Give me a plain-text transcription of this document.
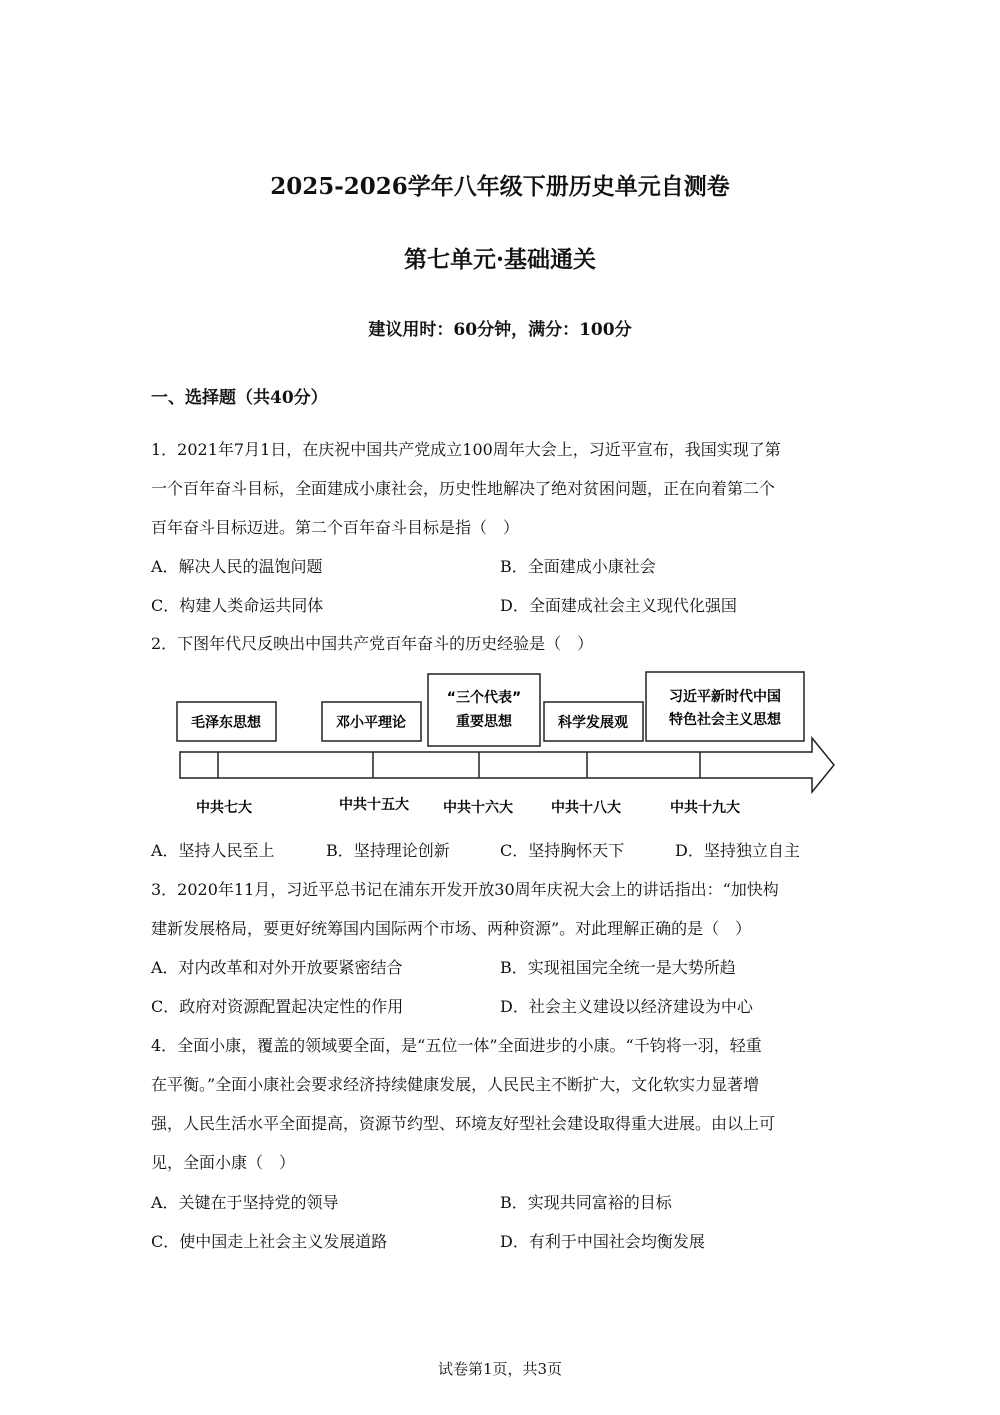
2025-2026学年八年级下册历史单元自测卷
第七单元·基础通关
建议用时：60分钟，满分：100分
一、选择题（共40分）
1．2021年7月1日，在庆祝中国共产党成立100周年大会上，习近平宣布，我国实现了第
一个百年奋斗目标，全面建成小康社会，历史性地解决了绝对贫困问题，正在向着第二个
百年奋斗目标迈进。第二个百年奋斗目标是指（　）
A．解决人民的温饱问题	B．全面建成小康社会
C．构建人类命运共同体	D．全面建成社会主义现代化强国
2．下图年代尺反映出中国共产党百年奋斗的历史经验是（　）
毛泽东思想	邓小平理论
“三个代表”
重要思想	科学发展观
习近平新时代中国
特色社会主义思想
中共七大	中共十五大 中共十六大	中共十八大	中共十九大
A．坚持人民至上	B．坚持理论创新	C．坚持胸怀天下	D．坚持独立自主
3．2020年11月，习近平总书记在浦东开发开放30周年庆祝大会上的讲话指出：“加快构
建新发展格局，要更好统筹国内国际两个市场、两种资源”。对此理解正确的是（　）
A．对内改革和对外开放要紧密结合	B．实现祖国完全统一是大势所趋
C．政府对资源配置起决定性的作用	D．社会主义建设以经济建设为中心
4．全面小康，覆盖的领域要全面，是“五位一体”全面进步的小康。“千钧将一羽，轻重
在平衡。”全面小康社会要求经济持续健康发展，人民民主不断扩大，文化软实力显著增
强，人民生活水平全面提高，资源节约型、环境友好型社会建设取得重大进展。由以上可
见，全面小康（　）
A．关键在于坚持党的领导	B．实现共同富裕的目标
C．使中国走上社会主义发展道路	D．有利于中国社会均衡发展
试卷第1页，共3页
